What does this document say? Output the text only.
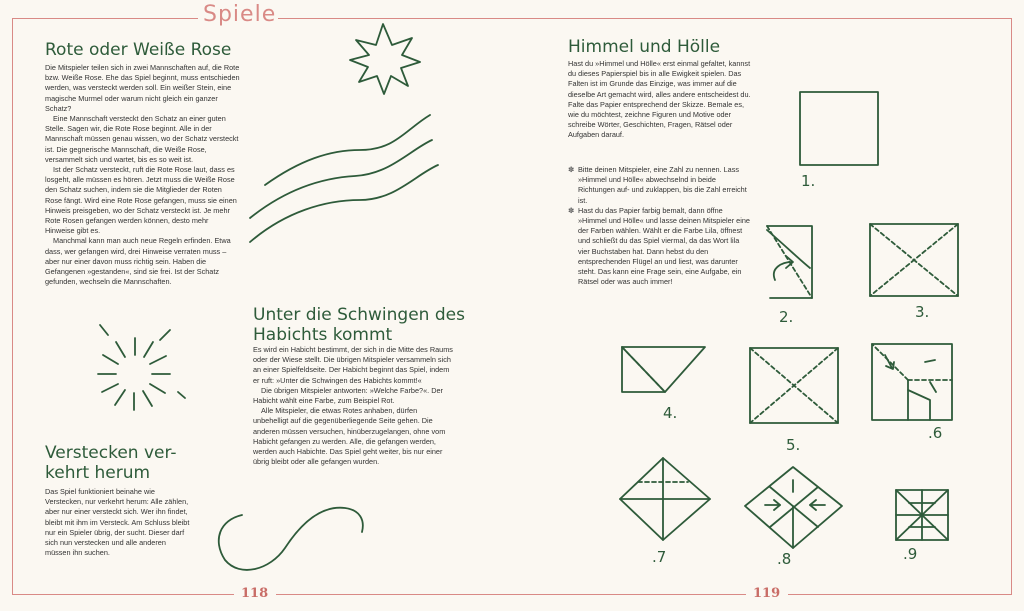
Spiele
118	119
Rote oder Weiße Rose

Die Mitspieler teilen sich in zwei Mannschaften auf, die Rote bzw. Weiße Rose. Ehe das Spiel beginnt, muss entschieden werden, was versteckt werden soll. Ein weißer Stein, eine magische Murmel oder warum nicht gleich ein ganzer Schatz?

Eine Mannschaft versteckt den Schatz an einer guten Stelle. Sagen wir, die Rote Rose beginnt. Alle in der Mannschaft müssen genau wissen, wo der Schatz versteckt ist. Die gegnerische Mannschaft, die Weiße Rose, versammelt sich und wartet, bis es so weit ist.

Ist der Schatz versteckt, ruft die Rote Rose laut, dass es losgeht, alle müssen es hören. Jetzt muss die Weiße Rose den Schatz suchen, indem sie die Mitglieder der Roten Rose fängt. Wird eine Rote Rose gefangen, muss sie einen Hinweis preisgeben, wo der Schatz versteckt ist. Je mehr Rote Rosen gefangen werden können, desto mehr Hinweise gibt es.

Manchmal kann man auch neue Regeln erfinden. Etwa dass, wer gefangen wird, drei Hinweise verraten muss – aber nur einer davon muss richtig sein. Haben die Gefangenen »gestanden«, sind sie frei. Ist der Schatz gefunden, wechseln die Mannschaften.

Verstecken ver-
kehrt herum

Das Spiel funktioniert beinahe wie Verstecken, nur verkehrt herum: Alle zählen, aber nur einer versteckt sich. Wer ihn findet, bleibt mit ihm im Versteck. Am Schluss bleibt nur ein Spieler übrig, der sucht. Dieser darf sich nun verstecken und alle anderen müssen ihn suchen.

Unter die Schwingen des
Habichts kommt

Es wird ein Habicht bestimmt, der sich in die Mitte des Raums oder der Wiese stellt. Die übrigen Mitspieler versammeln sich an einer Spielfeldseite. Der Habicht beginnt das Spiel, indem er ruft: »Unter die Schwingen des Habichts kommt!«

Die übrigen Mitspieler antworten: »Welche Farbe?«. Der Habicht wählt eine Farbe, zum Beispiel Rot.

Alle Mitspieler, die etwas Rotes anhaben, dürfen unbehelligt auf die gegenüberliegende Seite gehen. Die anderen müssen versuchen, hinüberzugelangen, ohne vom Habicht gefangen zu werden. Alle, die gefangen werden, werden auch Habichte. Das Spiel geht weiter, bis nur einer übrig bleibt oder alle gefangen wurden.

Himmel und Hölle

Hast du »Himmel und Hölle« erst einmal gefaltet, kannst du dieses Papierspiel bis in alle Ewigkeit spielen. Das Falten ist im Grunde das Einzige, was immer auf die dieselbe Art gemacht wird, alles andere entscheidest du. Falte das Papier entsprechend der Skizze. Bemale es, wie du möchtest, zeichne Figuren und Motive oder schreibe Wörter, Geschichten, Fragen, Rätsel oder Aufgaben darauf.

✽ Bitte deinen Mitspieler, eine Zahl zu nennen. Lass »Himmel und Hölle« abwechselnd in beide Richtungen auf- und zuklappen, bis die Zahl erreicht ist.
✽ Hast du das Papier farbig bemalt, dann öffne »Himmel und Hölle« und lasse deinen Mitspieler eine der Farben wählen. Wählt er die Farbe Lila, öffnest und schließt du das Spiel viermal, da das Wort lila vier Buchstaben hat. Dann hebst du den entsprechenden Flügel an und liest, was darunter steht. Das kann eine Frage sein, eine Aufgabe, ein Rätsel oder was auch immer!
1.
2.	3.
4.
5.
.6
.7	.8	.9
